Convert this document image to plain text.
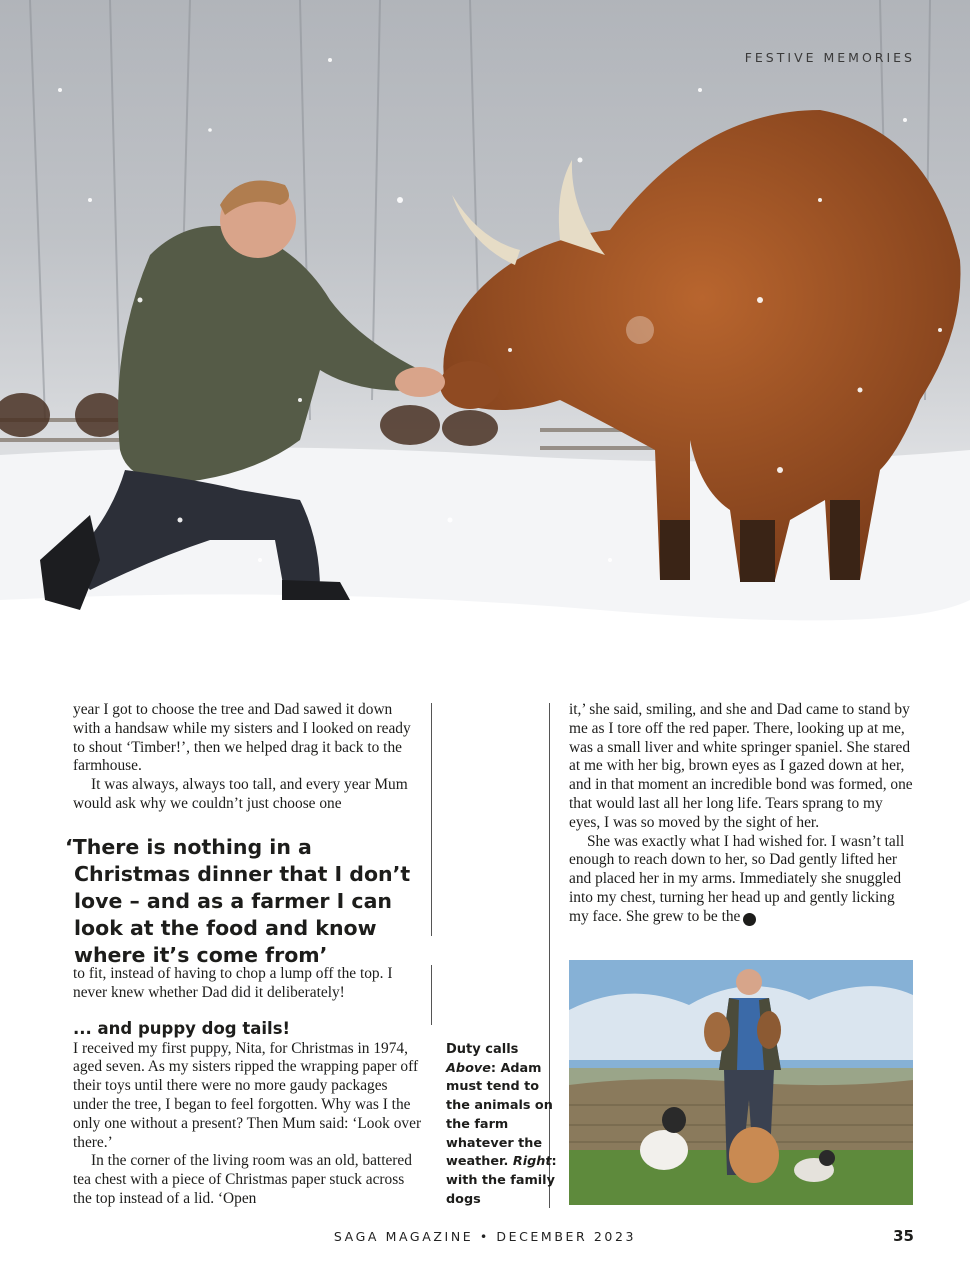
FESTIVE MEMORIES

year I got to choose the tree and Dad sawed it down with a handsaw while my sisters and I looked on ready to shout ‘Timber!’, then we helped drag it back to the farmhouse.

It was always, always too tall, and every year Mum would ask why we couldn’t just choose one

‘There is nothing in a Christmas dinner that I don’t love – and as a farmer I can look at the food and know where it’s come from’

to fit, instead of having to chop a lump off the top. I never knew whether Dad did it deliberately!

... and puppy dog tails!

I received my first puppy, Nita, for Christmas in 1974, aged seven. As my sisters ripped the wrapping paper off their toys until there were no more gaudy packages under the tree, I began to feel forgotten. Why was I the only one without a present? Then Mum said: ‘Look over there.’

In the corner of the living room was an old, battered tea chest with a piece of Christmas paper stuck across the top instead of a lid. ‘Open

it,’ she said, smiling, and she and Dad came to stand by me as I tore off the red paper. There, looking up at me, was a small liver and white springer spaniel. She stared at me with her big, brown eyes as I gazed down at her, and in that moment an incredible bond was formed, one that would last all her long life. Tears sprang to my eyes, I was so moved by the sight of her.

She was exactly what I had wished for. I wasn’t tall enough to reach down to her, so Dad gently lifted her and placed her in my arms. Immediately she snuggled into my chest, turning her head up and gently licking my face. She grew to be the ➔

Duty calls
Above: Adam must tend to the animals on the farm whatever the weather. Right: with the family dogs
SAGA MAGAZINE • DECEMBER 2023	35
